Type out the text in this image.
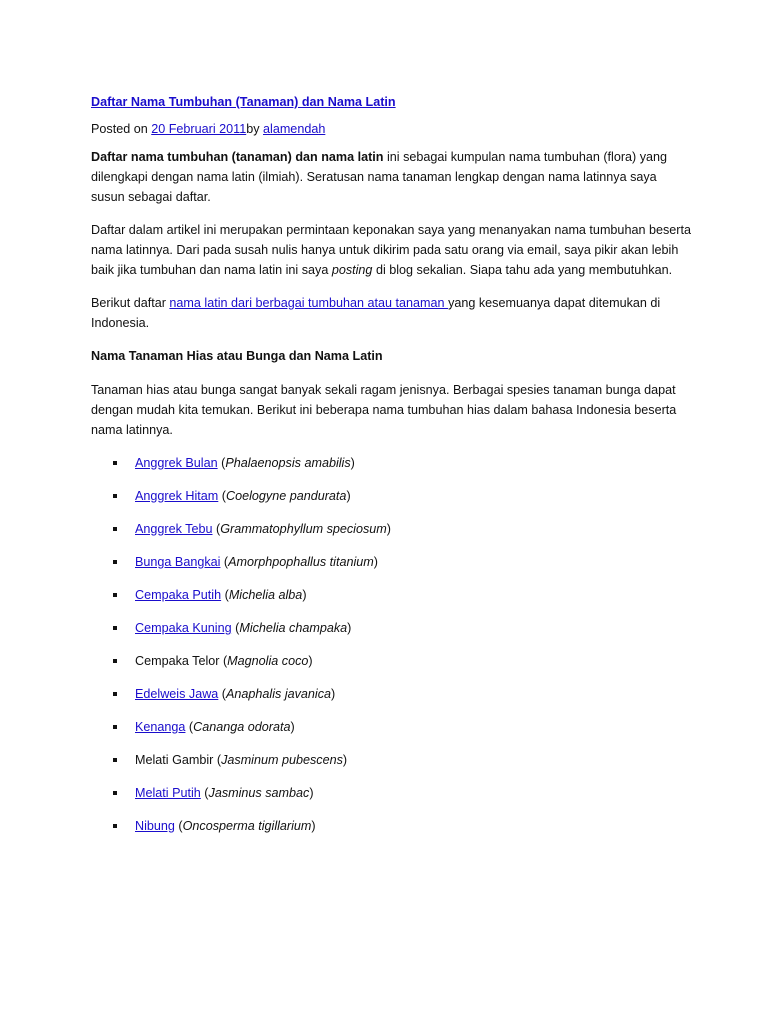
Daftar Nama Tumbuhan (Tanaman) dan Nama Latin
Posted on 20 Februari 2011by alamendah

Daftar nama tumbuhan (tanaman) dan nama latin ini sebagai kumpulan nama tumbuhan (flora) yang dilengkapi dengan nama latin (ilmiah). Seratusan nama tanaman lengkap dengan nama latinnya saya susun sebagai daftar.

Daftar dalam artikel ini merupakan permintaan keponakan saya yang menanyakan nama tumbuhan beserta nama latinnya. Dari pada susah nulis hanya untuk dikirim pada satu orang via email, saya pikir akan lebih baik jika tumbuhan dan nama latin ini saya posting di blog sekalian. Siapa tahu ada yang membutuhkan.

Berikut daftar nama latin dari berbagai tumbuhan atau tanaman yang kesemuanya dapat ditemukan di Indonesia.

Nama Tanaman Hias atau Bunga dan Nama Latin

Tanaman hias atau bunga sangat banyak sekali ragam jenisnya. Berbagai spesies tanaman bunga dapat dengan mudah kita temukan. Berikut ini beberapa nama tumbuhan hias dalam bahasa Indonesia beserta nama latinnya.

Anggrek Bulan (Phalaenopsis amabilis)
Anggrek Hitam (Coelogyne pandurata)
Anggrek Tebu (Grammatophyllum speciosum)
Bunga Bangkai (Amorphpophallus titanium)
Cempaka Putih (Michelia alba)
Cempaka Kuning (Michelia champaka)
Cempaka Telor (Magnolia coco)
Edelweis Jawa (Anaphalis javanica)
Kenanga (Cananga odorata)
Melati Gambir (Jasminum pubescens)
Melati Putih (Jasminus sambac)
Nibung (Oncosperma tigillarium)
